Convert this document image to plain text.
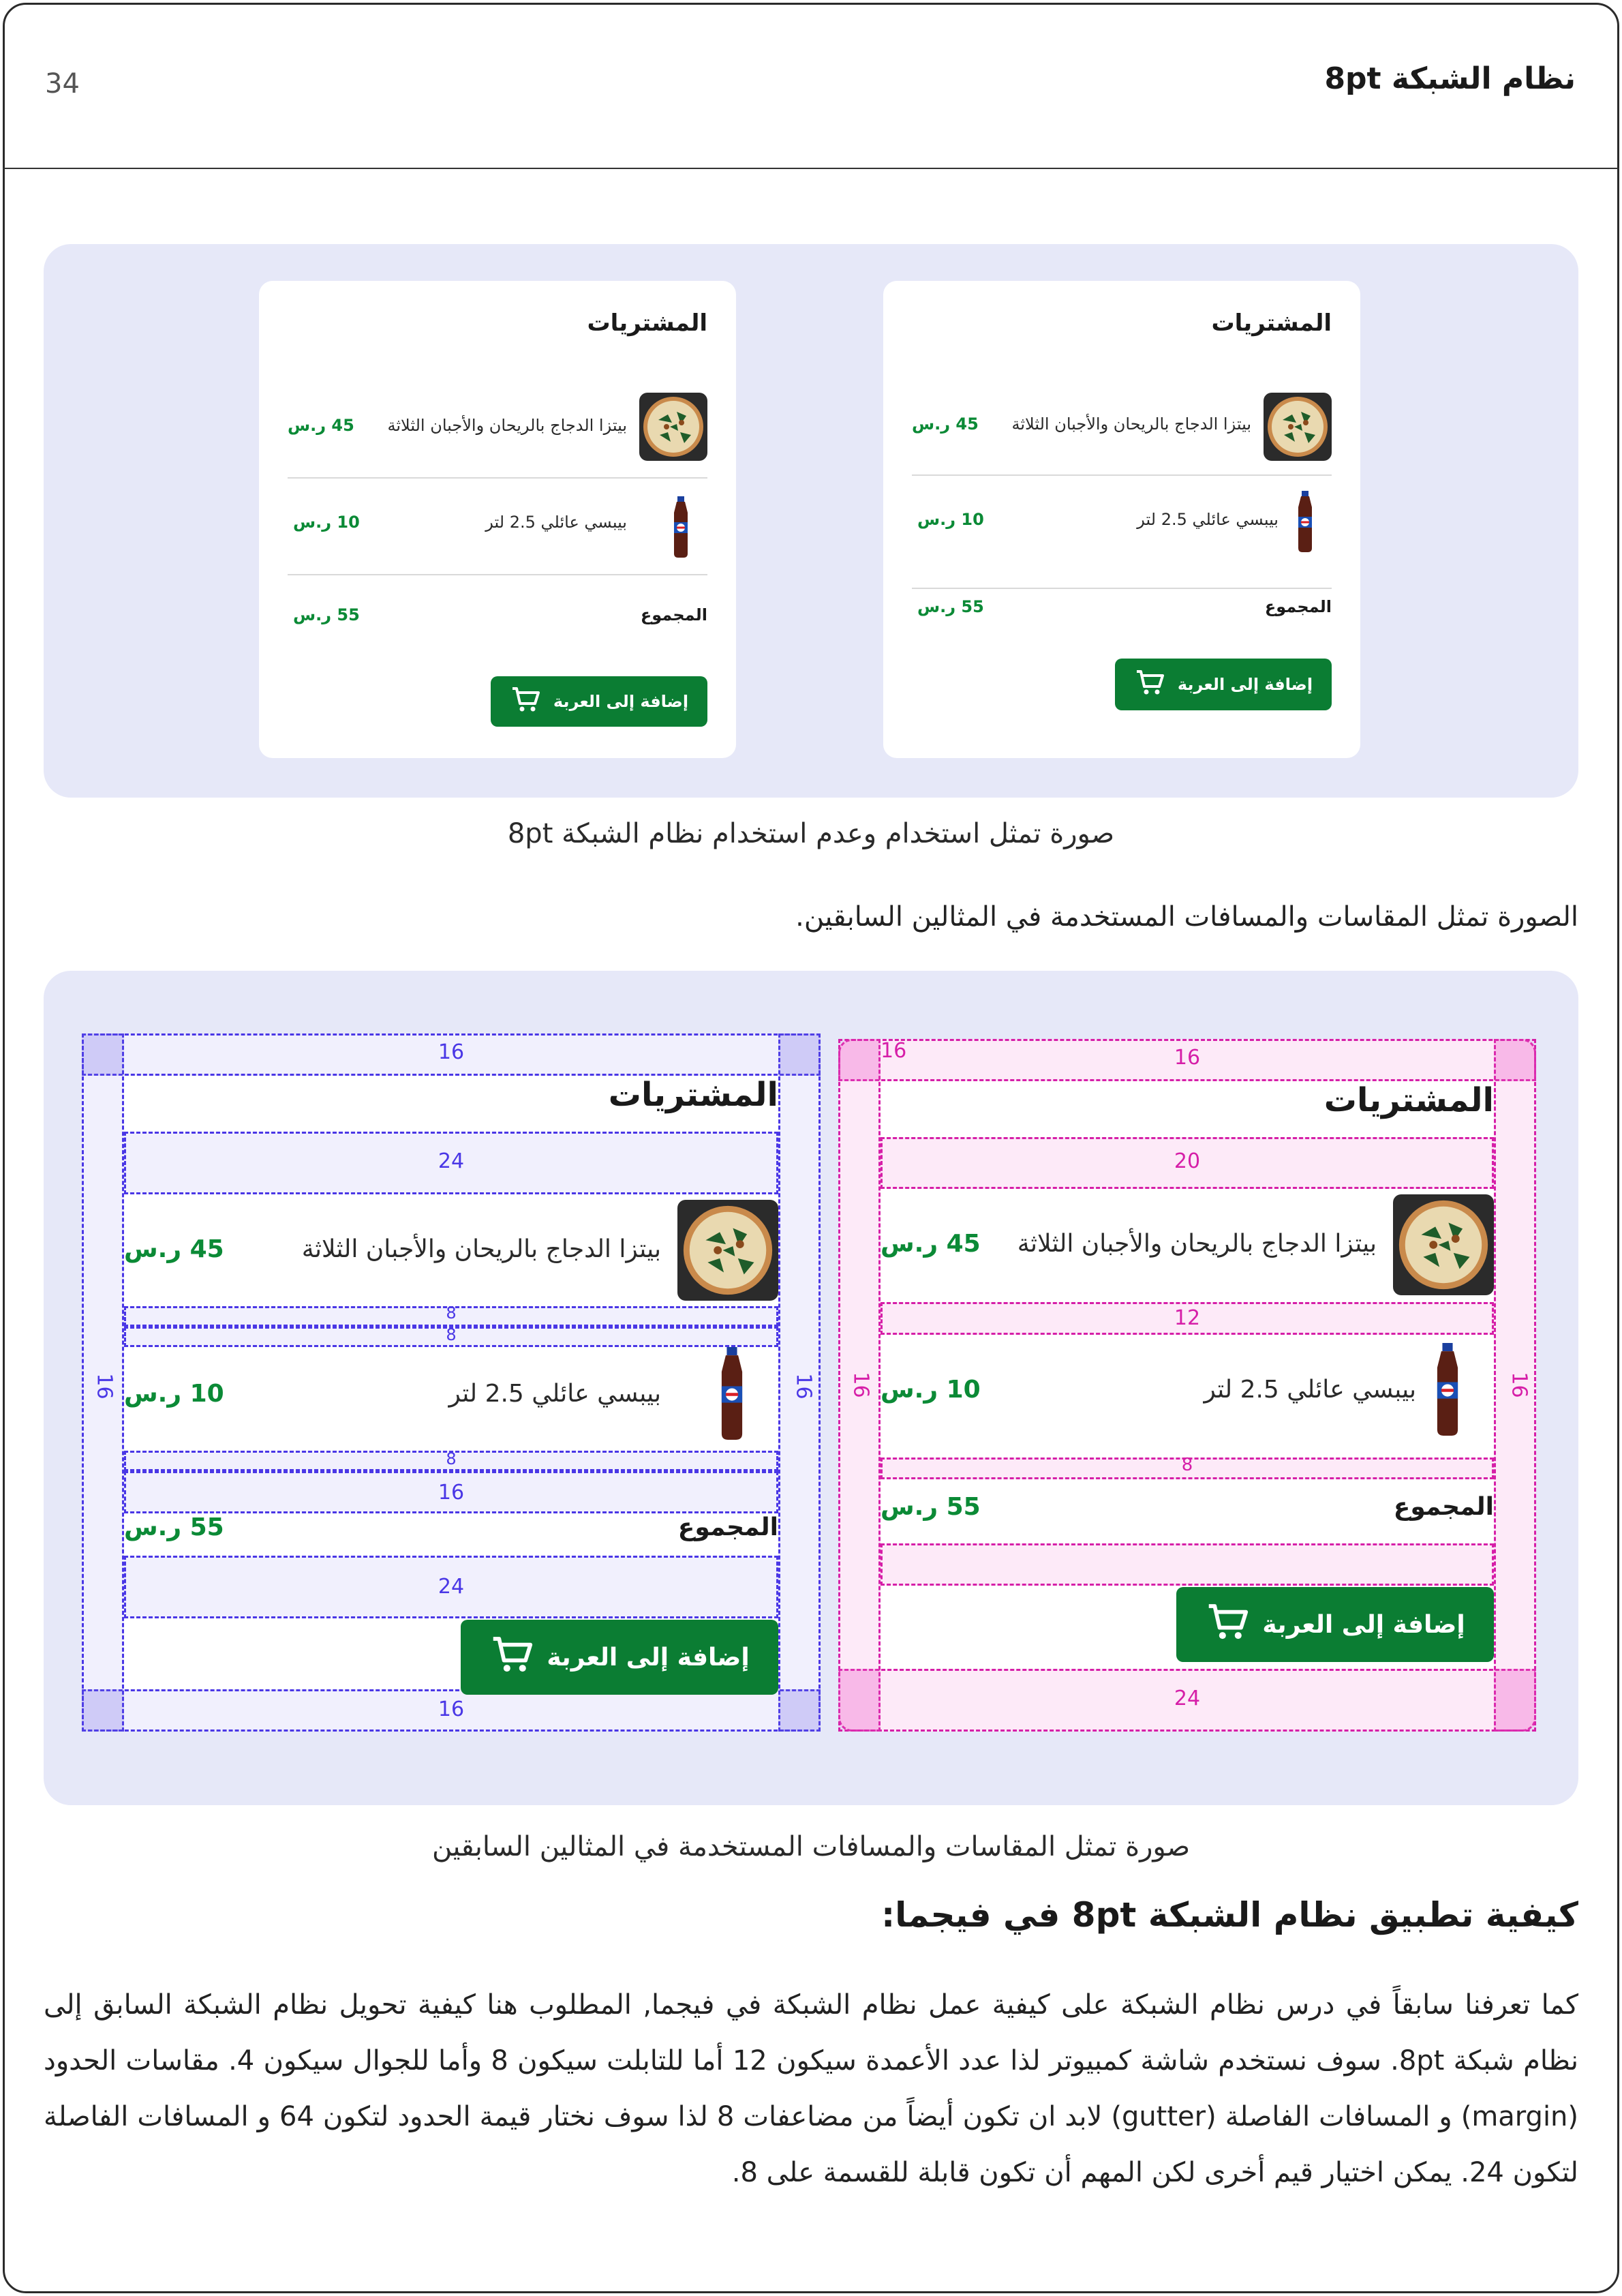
نظام الشبكة 8pt
34
المشتريات
بيتزا الدجاج بالريحان والأجبان الثلاثة
45 ر.س
بيبسي عائلي 2.5 لتر
10 ر.س
المجموع
55 ر.س
إضافة إلى العربة
المشتريات
بيتزا الدجاج بالريحان والأجبان الثلاثة
45 ر.س
بيبسي عائلي 2.5 لتر
10 ر.س
المجموع
55 ر.س
إضافة إلى العربة
صورة تمثل استخدام وعدم استخدام نظام الشبكة 8pt
الصورة تمثل المقاسات والمسافات المستخدمة في المثالين السابقين.
16
16
16	16
المشتريات
24
بيتزا الدجاج بالريحان والأجبان الثلاثة
45 ر.س
8
8
بيبسي عائلي 2.5 لتر
10 ر.س
8
16
المجموع
55 ر.س
24
إضافة إلى العربة
16
24
16	16
المشتريات
20
بيتزا الدجاج بالريحان والأجبان الثلاثة
45 ر.س
12
بيبسي عائلي 2.5 لتر
10 ر.س
8
المجموع
55 ر.س
16
إضافة إلى العربة
صورة تمثل المقاسات والمسافات المستخدمة في المثالين السابقين
كيفية تطبيق نظام الشبكة 8pt في فيجما:
كما تعرفنا سابقاً في درس نظام الشبكة على كيفية عمل نظام الشبكة في فيجما, المطلوب هنا كيفية تحويل نظام الشبكة السابق إلى نظام شبكة 8pt. سوف نستخدم شاشة كمبيوتر لذا عدد الأعمدة سيكون 12 أما للتابلت سيكون 8 وأما للجوال سيكون 4. مقاسات الحدود (margin) و المسافات الفاصلة (gutter) لابد ان تكون أيضاً من مضاعفات 8 لذا سوف نختار قيمة الحدود لتكون 64 و المسافات الفاصلة لتكون 24. يمكن اختيار قيم أخرى لكن المهم أن تكون قابلة للقسمة على 8.
